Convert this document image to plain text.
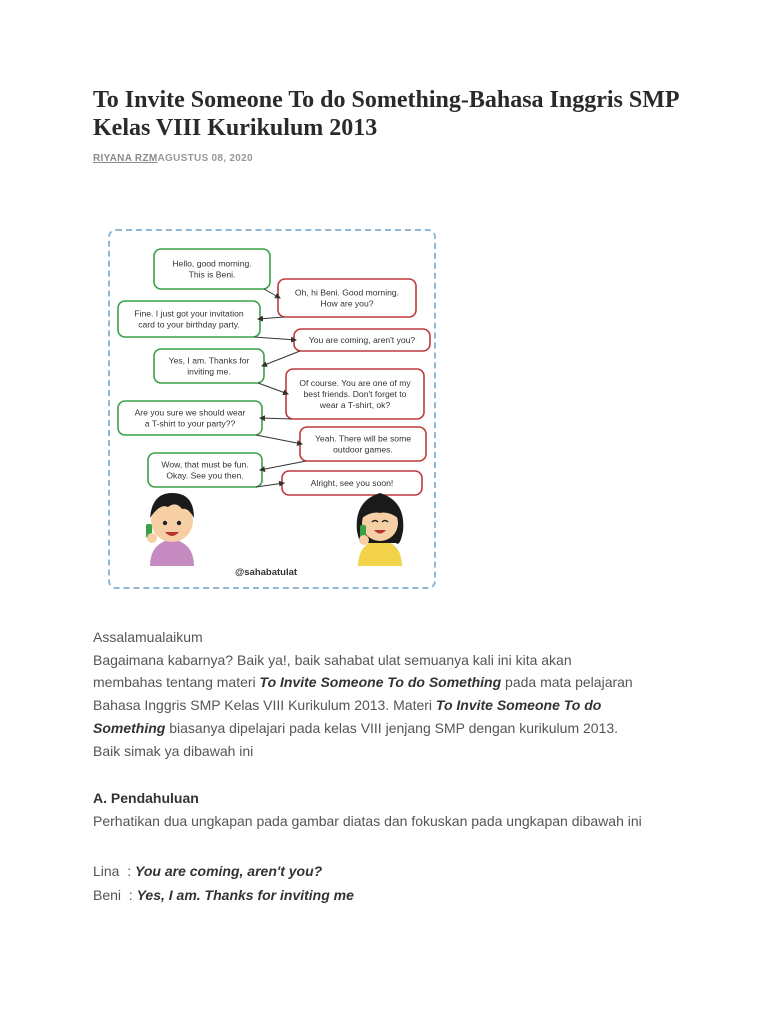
To Invite Someone To do Something-Bahasa Inggris SMP Kelas VIII Kurikulum 2013
RIYANA RZMAGUSTUS 08, 2020
Hello, good morning.
This is Beni.
Oh, hi Beni. Good morning.
How are you?
Fine. I just got your invitation
card to your birthday party.
You are coming, aren't you?
Yes, I am. Thanks for
inviting me.
Of course. You are one of my
best friends. Don't forget to
wear a T-shirt, ok?
Are you sure we should wear
a T-shirt to your party??
Yeah. There will be some
outdoor games.
Wow, that must be fun.
Okay. See you then.
Alright, see you soon!
@sahabatulat

Assalamualaikum

Bagaimana kabarnya? Baik ya!, baik sahabat ulat semuanya kali ini kita akan

membahas tentang materi To Invite Someone To do Something pada mata pelajaran

Bahasa Inggris SMP Kelas VIII Kurikulum 2013. Materi To Invite Someone To do

Something biasanya dipelajari pada kelas VIII jenjang SMP dengan kurikulum 2013.

Baik simak ya dibawah ini

A. Pendahuluan
Perhatikan dua ungkapan pada gambar diatas dan fokuskan pada ungkapan dibawah ini
Lina  : You are coming, aren't you?
Beni  : Yes, I am. Thanks for inviting me
